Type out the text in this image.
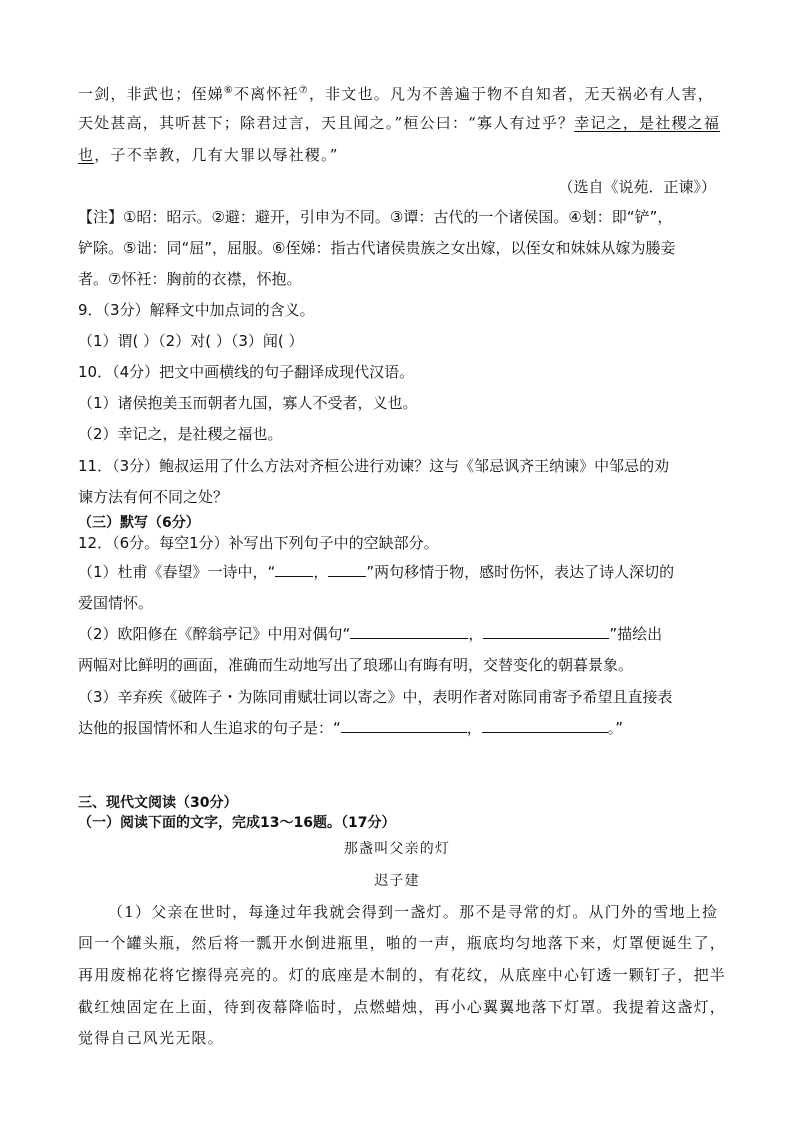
一剑，非武也；侄娣⑥不离怀衽⑦，非文也。凡为不善遍于物不自知者，无天祸必有人害，
天处甚高，其听甚下；除君过言，天且闻之。”桓公曰：“寡人有过乎？幸记之，是社稷之福
也，子不幸教，几有大罪以辱社稷。”
（选自《说苑．正谏》）
【注】①昭：昭示。②避：避开，引申为不同。③谭：古代的一个诸侯国。④刬：即“铲”，
铲除。⑤诎：同“屈”，屈服。⑥侄娣：指古代诸侯贵族之女出嫁，以侄女和妹妹从嫁为媵妾
者。⑦怀衽：胸前的衣襟，怀抱。
9．（3分）解释文中加点词的含义。
（1）谓( ）（2）对( ）（3）闻( ）
10．（4分）把文中画横线的句子翻译成现代汉语。
（1）诸侯抱美玉而朝者九国，寡人不受者，义也。
（2）幸记之，是社稷之福也。
11．（3分）鲍叔运用了什么方法对齐桓公进行劝谏？这与《邹忌讽齐王纳谏》中邹忌的劝
谏方法有何不同之处？
（三）默写（6分）
12．（6分。每空1分）补写出下列句子中的空缺部分。
（1）杜甫《春望》一诗中，“	，	”两句移情于物，感时伤怀，表达了诗人深切的
爱国情怀。
（2）欧阳修在《醉翁亭记》中用对偶句“	，	”描绘出
两幅对比鲜明的画面，准确而生动地写出了琅琊山有晦有明，交替变化的朝暮景象。
（3）辛弃疾《破阵子・为陈同甫赋壮词以寄之》中，表明作者对陈同甫寄予希望且直接表
达他的报国情怀和人生追求的句子是：“	，	。”
三、现代文阅读（30分）
（一）阅读下面的文字，完成13～16题。（17分）
那盏叫父亲的灯
迟子建
（1）父亲在世时，每逢过年我就会得到一盏灯。那不是寻常的灯。从门外的雪地上捡
回一个罐头瓶，然后将一瓢开水倒进瓶里，啪的一声，瓶底均匀地落下来，灯罩便诞生了，
再用废棉花将它擦得亮亮的。灯的底座是木制的，有花纹，从底座中心钉透一颗钉子，把半
截红烛固定在上面，待到夜幕降临时，点燃蜡烛，再小心翼翼地落下灯罩。我提着这盏灯，
觉得自己风光无限。
